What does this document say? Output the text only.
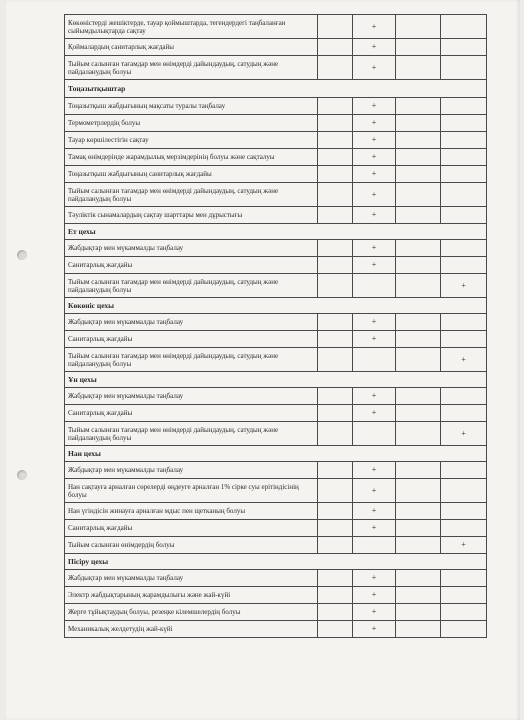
Көкөністерді жешіктерде, тауар қоймыштарда, тегендердегі таңбаланған сыйымдылықтарда сақтау		+		
Қоймалардың санитарлық жағдайы		+		
Тыйым салынған тағамдар мен өнімдерді дайындаудың, сатудың және пайдаланудың болуы		+		
Тоңазытқыштар				
Тоңазытқыш жабдығының мақсаты туралы таңбалау		+		
Термометрлердің болуы		+		
Тауар көршілестігін сақтау		+		
Тамақ өнімдерінде жарамдылық мерзімдерінің болуы және сақталуы		+		
Тоңазытқыш жабдығының санитарлық жағдайы		+		
Тыйым салынған тағамдар мен өнімдерді дайындаудың, сатудың және пайдаланудың болуы		+		
Тәуліктік сынамалардың сақтау шарттары мен дұрыстығы		+		
Ет цехы				
Жабдықтар мен мүкаммалды таңбалау		+		
Санитарлық жағдайы		+		
Тыйым салынған тағамдар мен өнімдерді дайындаудың, сатудың және пайдаланудың болуы				+
Көкөніс цехы				
Жабдықтар мен мүкаммалды таңбалау		+		
Санитарлық жағдайы		+		
Тыйым салынған тағамдар мен өнімдерді дайындаудың, сатудың және пайдаланудың болуы				+
Ұн цехы				
Жабдықтар мен мүкаммалды таңбалау		+		
Санитарлық жағдайы		+		
Тыйым салынған тағамдар мен өнімдерді дайындаудың, сатудың және пайдаланудың болуы				+
Нан цехы				
Жабдықтар мен мүкаммалды таңбалау		+		
Нан сақтауға арналған сөрелерді өңдеуге арналған 1% сірке суы ерітіндісінің болуы		+		
Нан үгіндісін жинауға арналған мдыс пен щетканың болуы		+		
Санитарлық жағдайы		+		
Тыйым салынған өнімдердің болуы				+
Пісіру цехы				
Жабдықтар мен мүкаммалды таңбалау		+		
Электр жабдықтарының жарамдылығы және жай-күйі		+		
Жерге тұйықтаудың болуы, резеңке кілемшелердің болуы		+		
Механикалық желдетудің жай-күйі		+		
